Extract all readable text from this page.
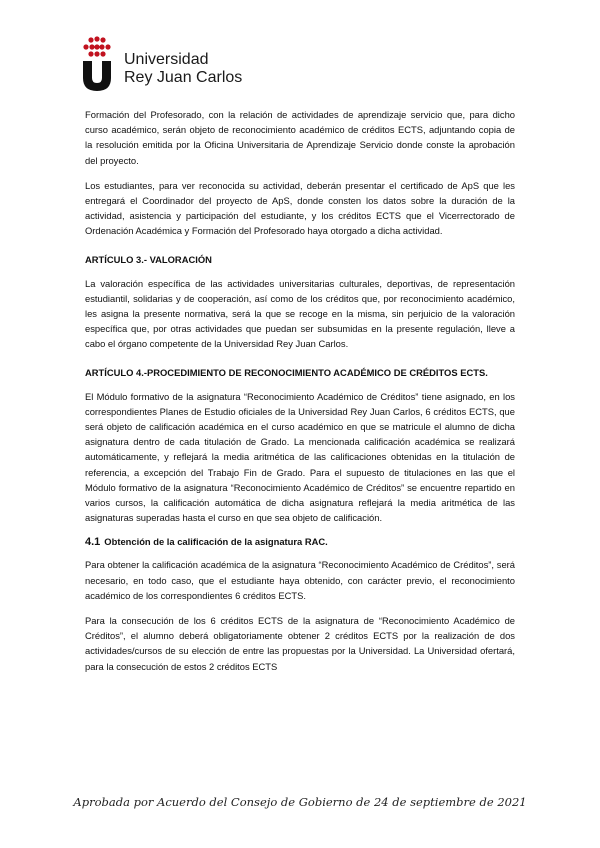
Universidad
Rey Juan Carlos

Formación del Profesorado, con la relación de actividades de aprendizaje servicio que, para dicho curso académico, serán objeto de reconocimiento académico de créditos ECTS, adjuntando copia de la resolución emitida por la Oficina Universitaria de Aprendizaje Servicio donde conste la aprobación del proyecto.

Los estudiantes, para ver reconocida su actividad, deberán presentar el certificado de ApS que les entregará el Coordinador del proyecto de ApS, donde consten los datos sobre la duración de la actividad, asistencia y participación del estudiante, y los créditos ECTS que el Vicerrectorado de Ordenación Académica y Formación del Profesorado haya otorgado a dicha actividad.

ARTÍCULO 3.- VALORACIÓN

La valoración específica de las actividades universitarias culturales, deportivas, de representación estudiantil, solidarias y de cooperación, así como de los créditos que, por reconocimiento académico, les asigna la presente normativa, será la que se recoge en la misma, sin perjuicio de la valoración específica que, por otras actividades que puedan ser subsumidas en la presente regulación, lleve a cabo el órgano competente de la Universidad Rey Juan Carlos.

ARTÍCULO 4.-PROCEDIMIENTO DE RECONOCIMIENTO ACADÉMICO DE CRÉDITOS ECTS.

El Módulo formativo de la asignatura “Reconocimiento Académico de Créditos” tiene asignado, en los correspondientes Planes de Estudio oficiales de la Universidad Rey Juan Carlos, 6 créditos ECTS, que será objeto de calificación académica en el curso académico en que se matricule el alumno de dicha asignatura dentro de cada titulación de Grado. La mencionada calificación académica se realizará automáticamente, y reflejará la media aritmética de las calificaciones obtenidas en la titulación de referencia, a excepción del Trabajo Fin de Grado. Para el supuesto de titulaciones en las que el Módulo formativo de la asignatura “Reconocimiento Académico de Créditos” se encuentre repartido en varios cursos, la calificación automática de dicha asignatura reflejará la media aritmética de las asignaturas superadas hasta el curso en que sea objeto de calificación.

4.1 Obtención de la calificación de la asignatura RAC.

Para obtener la calificación académica de la asignatura “Reconocimiento Académico de Créditos”, será necesario, en todo caso, que el estudiante haya obtenido, con carácter previo, el reconocimiento académico de los correspondientes 6 créditos ECTS.

Para la consecución de los 6 créditos ECTS de la asignatura de “Reconocimiento Académico de Créditos”, el alumno deberá obligatoriamente obtener 2 créditos ECTS por la realización de dos actividades/cursos de su elección de entre las propuestas por la Universidad. La Universidad ofertará, para la consecución de estos 2 créditos ECTS

Aprobada por Acuerdo del Consejo de Gobierno de 24 de septiembre de 2021
